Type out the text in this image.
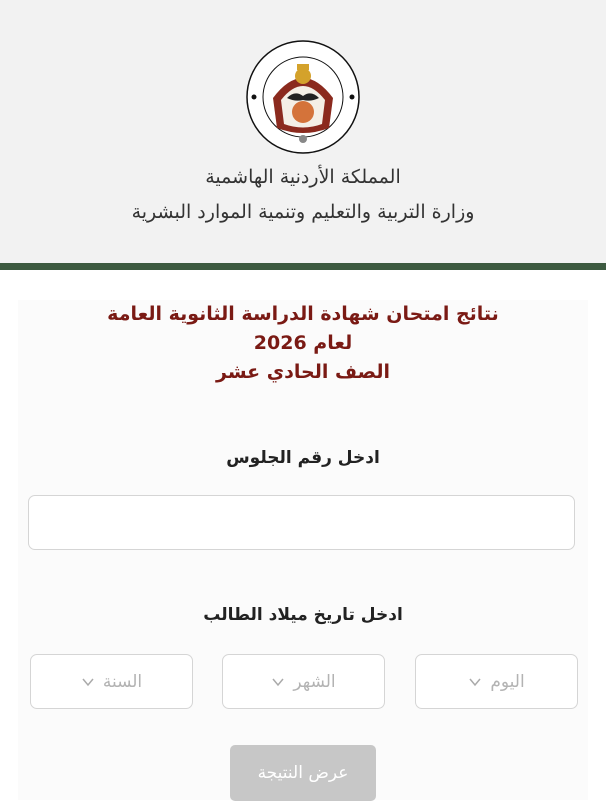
المملكة الأردنية الهاشمية
وزارة التربية والتعليم وتنمية الموارد البشرية
نتائج امتحان شهادة الدراسة الثانوية العامة
لعام 2026
الصف الحادي عشر
ادخل رقم الجلوس
ادخل تاريخ ميلاد الطالب
اليوم
الشهر
السنة
عرض النتيجة
